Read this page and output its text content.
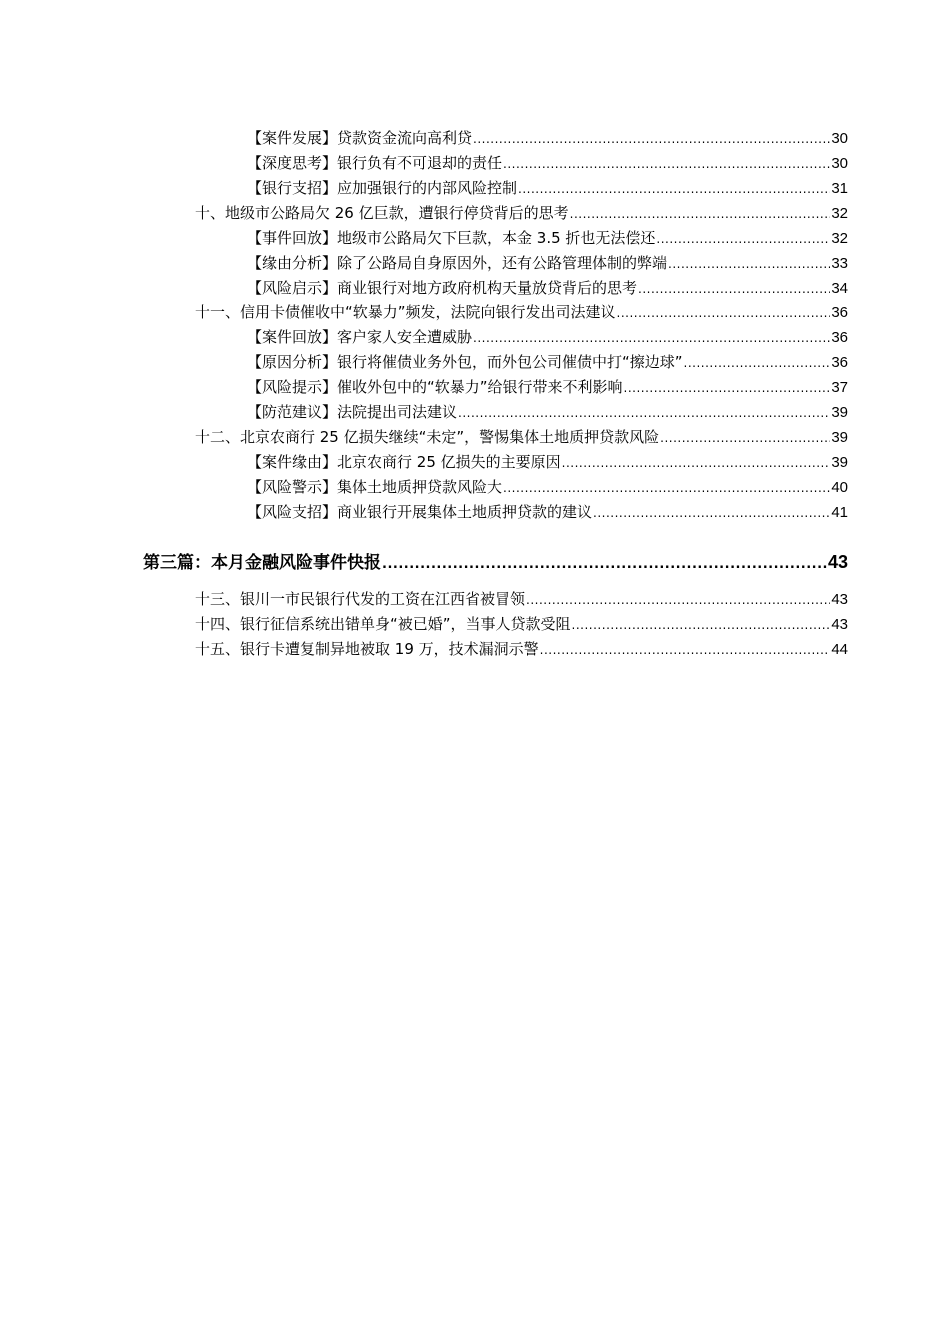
【案件发展】贷款资金流向高利贷 .....	30
【深度思考】银行负有不可退却的责任 .....	30
【银行支招】应加强银行的内部风险控制 .....	31
十、地级市公路局欠 26 亿巨款，遭银行停贷背后的思考 .....	32
【事件回放】地级市公路局欠下巨款，本金 3.5 折也无法偿还 .....	32
【缘由分析】除了公路局自身原因外，还有公路管理体制的弊端 .....	33
【风险启示】商业银行对地方政府机构天量放贷背后的思考 .....	34
十一、信用卡债催收中“软暴力”频发，法院向银行发出司法建议 .....	36
【案件回放】客户家人安全遭威胁 .....	36
【原因分析】银行将催债业务外包，而外包公司催债中打“擦边球” .....	36
【风险提示】催收外包中的“软暴力”给银行带来不利影响 .....	37
【防范建议】法院提出司法建议 .....	39
十二、北京农商行 25 亿损失继续“未定”，警惕集体土地质押贷款风险 .....	39
【案件缘由】北京农商行 25 亿损失的主要原因 .....	39
【风险警示】集体土地质押贷款风险大 .....	40
【风险支招】商业银行开展集体土地质押贷款的建议 .....	41
第三篇：本月金融风险事件快报 .....	43
十三、银川一市民银行代发的工资在江西省被冒领 .....	43
十四、银行征信系统出错单身“被已婚”，当事人贷款受阻 .....	43
十五、银行卡遭复制异地被取 19 万，技术漏洞示警 .....	44
